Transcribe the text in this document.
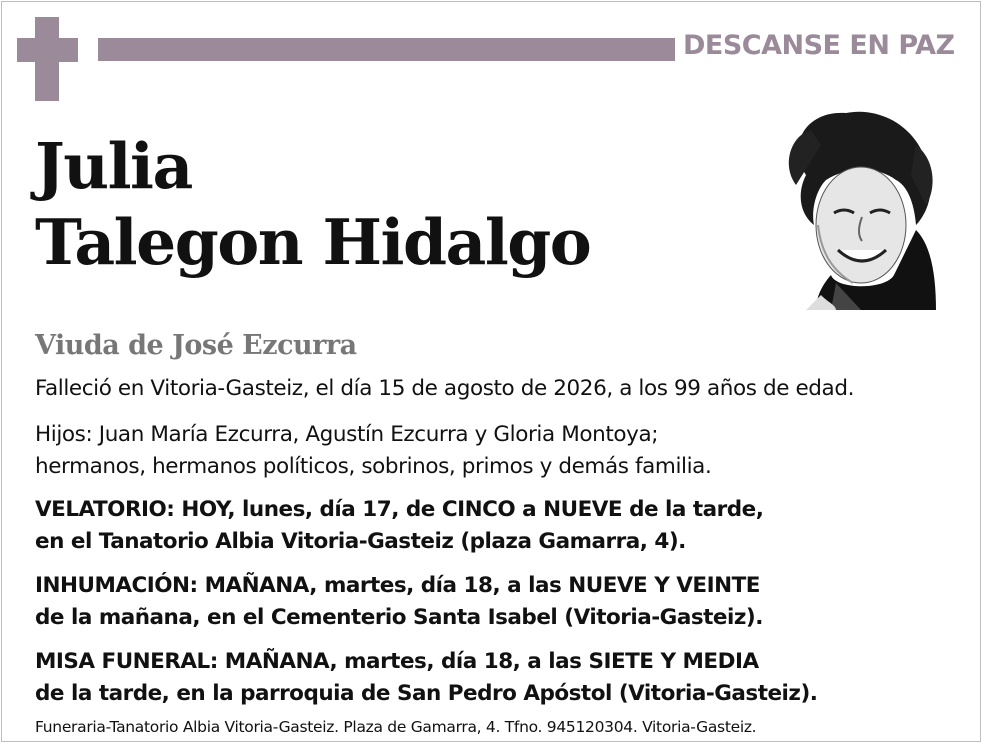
DESCANSE EN PAZ
Julia
Talegon Hidalgo
Viuda de José Ezcurra
Falleció en Vitoria-Gasteiz, el día 15 de agosto de 2026, a los 99 años de edad.
Hijos: Juan María Ezcurra, Agustín Ezcurra y Gloria Montoya;
hermanos, hermanos políticos, sobrinos, primos y demás familia.
VELATORIO: HOY, lunes, día 17, de CINCO a NUEVE de la tarde,
en el Tanatorio Albia Vitoria-Gasteiz (plaza Gamarra, 4).
INHUMACIÓN: MAÑANA, martes, día 18, a las NUEVE Y VEINTE
de la mañana, en el Cementerio Santa Isabel (Vitoria-Gasteiz).
MISA FUNERAL: MAÑANA, martes, día 18, a las SIETE Y MEDIA
de la tarde, en la parroquia de San Pedro Apóstol (Vitoria-Gasteiz).
Funeraria-Tanatorio Albia Vitoria-Gasteiz. Plaza de Gamarra, 4. Tfno. 945120304. Vitoria-Gasteiz.
